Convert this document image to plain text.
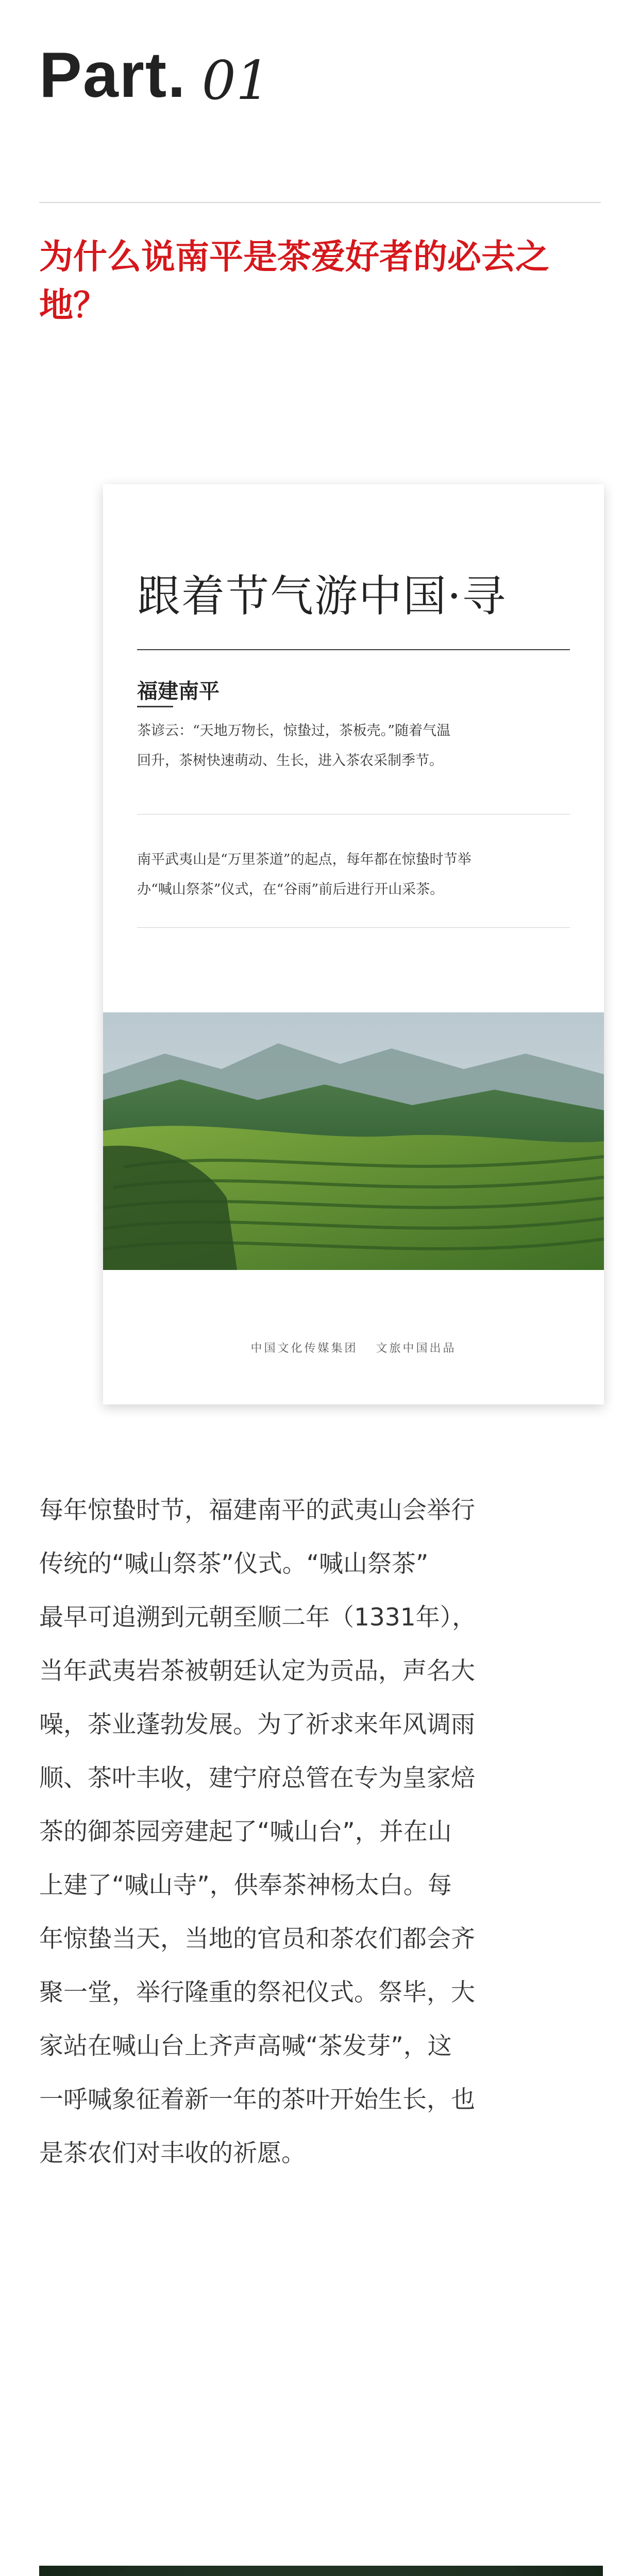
Part. 01
为什么说南平是茶爱好者的必去之地？
跟着节气游中国·寻
福建南平
茶谚云：“天地万物长，惊蛰过，茶板壳。”随着气温
回升，茶树快速萌动、生长，进入茶农采制季节。
南平武夷山是“万里茶道”的起点，每年都在惊蛰时节举
办“喊山祭茶”仪式，在“谷雨”前后进行开山采茶。
中国文化传媒集团 文旅中国出品
每年惊蛰时节，福建南平的武夷山会举行
传统的“喊山祭茶”仪式。“喊山祭茶”
最早可追溯到元朝至顺二年（1331年），
当年武夷岩茶被朝廷认定为贡品，声名大
噪，茶业蓬勃发展。为了祈求来年风调雨
顺、茶叶丰收，建宁府总管在专为皇家焙
茶的御茶园旁建起了“喊山台”，并在山
上建了“喊山寺”，供奉茶神杨太白。每
年惊蛰当天，当地的官员和茶农们都会齐
聚一堂，举行隆重的祭祀仪式。祭毕，大
家站在喊山台上齐声高喊“茶发芽”，这
一呼喊象征着新一年的茶叶开始生长，也
是茶农们对丰收的祈愿。
